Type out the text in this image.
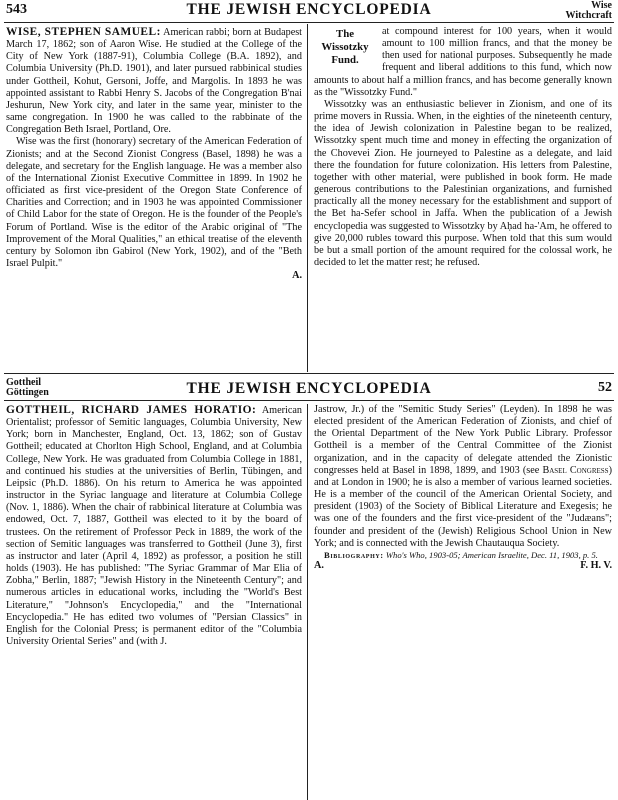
543	THE JEWISH ENCYCLOPEDIA	Wise
Witchcraft

WISE, STEPHEN SAMUEL: American rabbi; born at Budapest March 17, 1862; son of Aaron Wise. He studied at the College of the City of New York (1887-91), Columbia College (B.A. 1892), and Columbia University (Ph.D. 1901), and later pursued rabbinical studies under Gottheil, Kohut, Gersoni, Joffe, and Margolis. In 1893 he was appointed assistant to Rabbi Henry S. Jacobs of the Congregation B'nai Jeshurun, New York city, and later in the same year, minister to the same congregation. In 1900 he was called to the rabbinate of the Congregation Beth Israel, Portland, Ore.

Wise was the first (honorary) secretary of the American Federation of Zionists; and at the Second Zionist Congress (Basel, 1898) he was a delegate, and secretary for the English language. He was a member also of the International Zionist Executive Committee in 1899. In 1902 he officiated as first vice-president of the Oregon State Conference of Charities and Correction; and in 1903 he was appointed Commissioner of Child Labor for the state of Oregon. He is the founder of the People's Forum of Portland. Wise is the editor of the Arabic original of "The Improvement of the Moral Qualities," an ethical treatise of the eleventh century by Solomon ibn Gabirol (New York, 1902), and of the "Beth Israel Pulpit."

A.

The
Wissotzky
Fund.
at compound interest for 100 years, when it would amount to 100 million francs, and that the money be then used for national purposes. Subsequently he made frequent and liberal additions to this fund, which now amounts to about half a million francs, and has become generally known as the "Wissotzky Fund."

Wissotzky was an enthusiastic believer in Zionism, and one of its prime movers in Russia. When, in the eighties of the nineteenth century, the idea of Jewish colonization in Palestine began to be realized, Wissotzky spent much time and money in effecting the organization of the Chovevei Zion. He journeyed to Palestine as a delegate, and laid there the foundation for future colonization. His letters from Palestine, together with other material, were published in book form. He made generous contributions to the Palestinian organizations, and furnished practically all the money necessary for the establishment and support of the Bet ha-Sefer school in Jaffa. When the publication of a Jewish encyclopedia was suggested to Wissotzky by Aḥad ha-'Am, he offered to give 20,000 rubles toward this purpose. When told that this sum would be but a small portion of the amount required for the colossal work, he decided to let the matter rest; he refused.

Gottheil
Göttingen	THE JEWISH ENCYCLOPEDIA	52

GOTTHEIL, RICHARD JAMES HORATIO: American Orientalist; professor of Semitic languages, Columbia University, New York; born in Manchester, England, Oct. 13, 1862; son of Gustav Gottheil; educated at Chorlton High School, England, and at Columbia College, New York. He was graduated from Columbia College in 1881, and continued his studies at the universities of Berlin, Tübingen, and Leipsic (Ph.D. 1886). On his return to America he was appointed instructor in the Syriac language and literature at Columbia College (Nov. 1, 1886). When the chair of rabbinical literature at Columbia was endowed, Oct. 7, 1887, Gottheil was elected to it by the board of trustees. On the retirement of Professor Peck in 1889, the work of the section of Semitic languages was transferred to Gottheil (June 3), first as instructor and later (April 4, 1892) as professor, a position he still holds (1903). He has published: "The Syriac Grammar of Mar Elia of Zobha," Berlin, 1887; "Jewish History in the Nineteenth Century"; and numerous articles in educational works, including the "World's Best Literature," "Johnson's Encyclopedia," and the "International Encyclopedia." He has edited two volumes of "Persian Classics" in English for the Colonial Press; is permanent editor of the "Columbia University Oriental Series" and (with J.

Jastrow, Jr.) of the "Semitic Study Series" (Leyden). In 1898 he was elected president of the American Federation of Zionists, and chief of the Oriental Department of the New York Public Library. Professor Gottheil is a member of the Central Committee of the Zionist organization, and in the capacity of delegate attended the Zionistic congresses held at Basel in 1898, 1899, and 1903 (see Basel Congress) and at London in 1900; he is also a member of various learned societies. He is a member of the council of the American Oriental Society, and president (1903) of the Society of Biblical Literature and Exegesis; he was one of the founders and the first vice-president of the "Judæans"; founder and president of the (Jewish) Religious School Union in New York; and is connected with the Jewish Chautauqua Society.

Bibliography: Who's Who, 1903-05; American Israelite, Dec. 11, 1903, p. 5.

A.	F. H. V.
